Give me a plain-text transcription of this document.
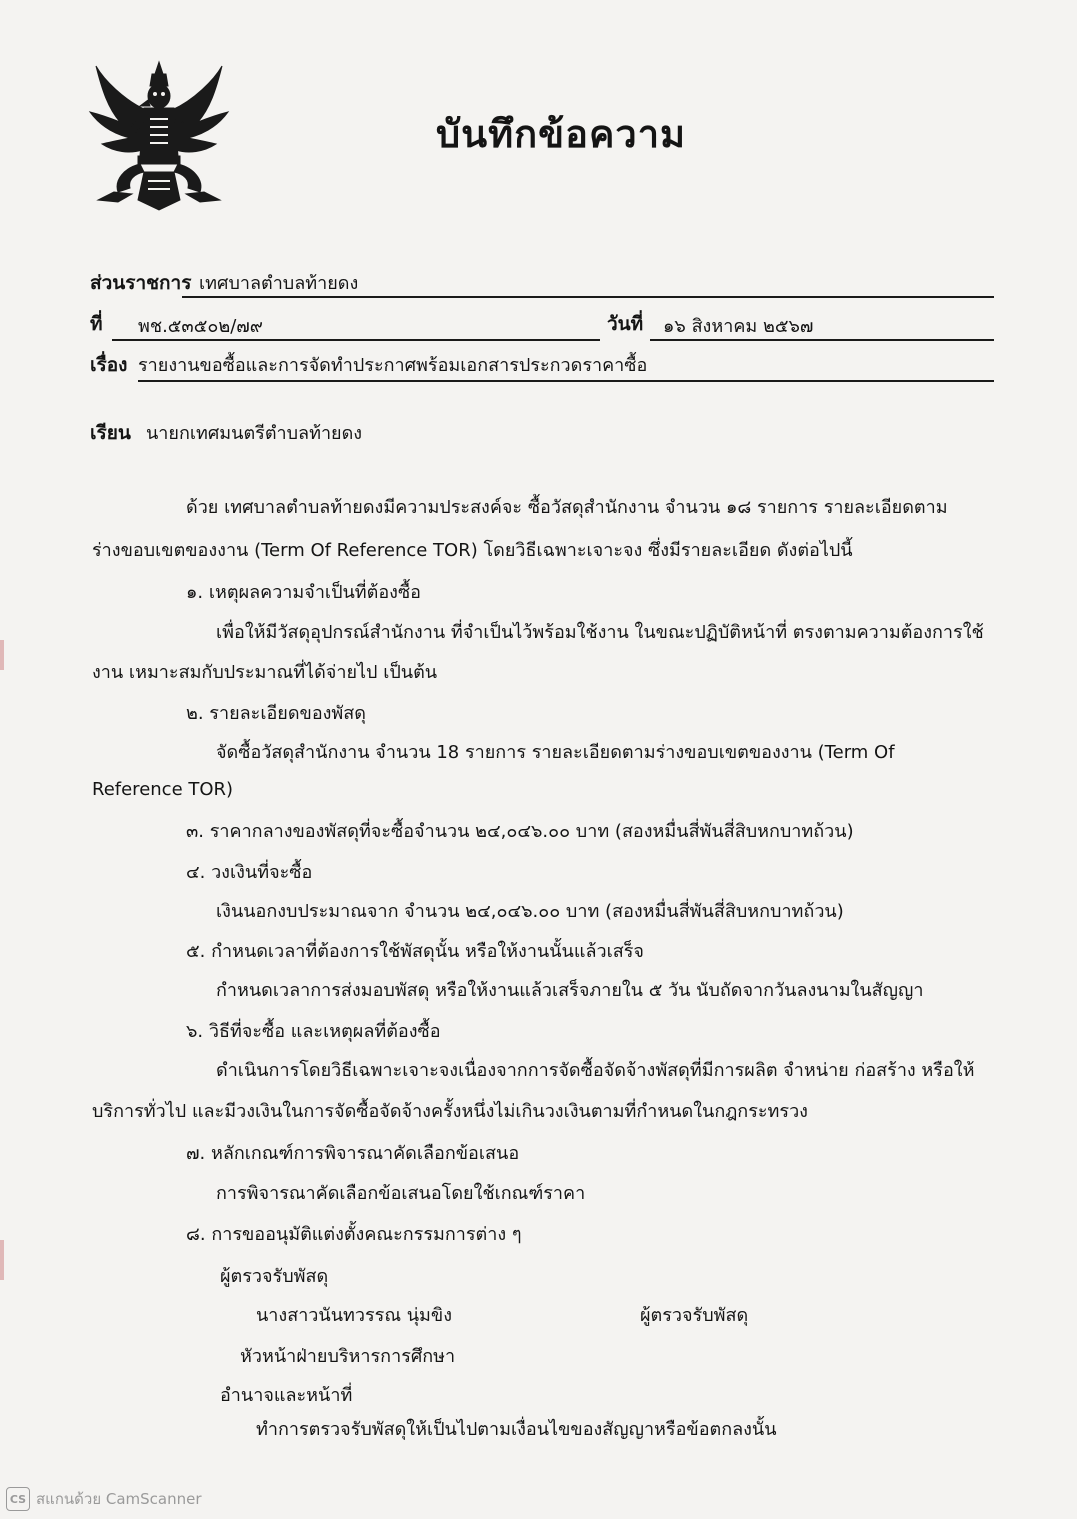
บันทึกข้อความ
ส่วนราชการ เทศบาลตำบลท้ายดง
ที่ พช.๕๓๕๐๒/๗๙	วันที่ ๑๖ สิงหาคม ๒๕๖๗
เรื่อง รายงานขอซื้อและการจัดทำประกาศพร้อมเอกสารประกวดราคาซื้อ
เรียน นายกเทศมนตรีตำบลท้ายดง
ด้วย เทศบาลตำบลท้ายดงมีความประสงค์จะ ซื้อวัสดุสำนักงาน จำนวน ๑๘ รายการ รายละเอียดตาม
ร่างขอบเขตของงาน (Term Of Reference TOR) โดยวิธีเฉพาะเจาะจง ซึ่งมีรายละเอียด ดังต่อไปนี้
๑. เหตุผลความจำเป็นที่ต้องซื้อ
เพื่อให้มีวัสดุอุปกรณ์สำนักงาน ที่จำเป็นไว้พร้อมใช้งาน ในขณะปฏิบัติหน้าที่ ตรงตามความต้องการใช้
งาน เหมาะสมกับประมาณที่ได้จ่ายไป เป็นต้น
๒. รายละเอียดของพัสดุ
จัดซื้อวัสดุสำนักงาน จำนวน 18 รายการ รายละเอียดตามร่างขอบเขตของงาน (Term Of
Reference TOR)
๓. ราคากลางของพัสดุที่จะซื้อจำนวน ๒๔,๐๔๖.๐๐ บาท (สองหมื่นสี่พันสี่สิบหกบาทถ้วน)
๔. วงเงินที่จะซื้อ
เงินนอกงบประมาณจาก จำนวน ๒๔,๐๔๖.๐๐ บาท (สองหมื่นสี่พันสี่สิบหกบาทถ้วน)
๕. กำหนดเวลาที่ต้องการใช้พัสดุนั้น หรือให้งานนั้นแล้วเสร็จ
กำหนดเวลาการส่งมอบพัสดุ หรือให้งานแล้วเสร็จภายใน ๕ วัน นับถัดจากวันลงนามในสัญญา
๖. วิธีที่จะซื้อ และเหตุผลที่ต้องซื้อ
ดำเนินการโดยวิธีเฉพาะเจาะจงเนื่องจากการจัดซื้อจัดจ้างพัสดุที่มีการผลิต จำหน่าย ก่อสร้าง หรือให้
บริการทั่วไป และมีวงเงินในการจัดซื้อจัดจ้างครั้งหนึ่งไม่เกินวงเงินตามที่กำหนดในกฎกระทรวง
๗. หลักเกณฑ์การพิจารณาคัดเลือกข้อเสนอ
การพิจารณาคัดเลือกข้อเสนอโดยใช้เกณฑ์ราคา
๘. การขออนุมัติแต่งตั้งคณะกรรมการต่าง ๆ
ผู้ตรวจรับพัสดุ
นางสาวนันทวรรณ นุ่มขิง	ผู้ตรวจรับพัสดุ
หัวหน้าฝ่ายบริหารการศึกษา
อำนาจและหน้าที่
ทำการตรวจรับพัสดุให้เป็นไปตามเงื่อนไขของสัญญาหรือข้อตกลงนั้น
CS สแกนด้วย CamScanner
